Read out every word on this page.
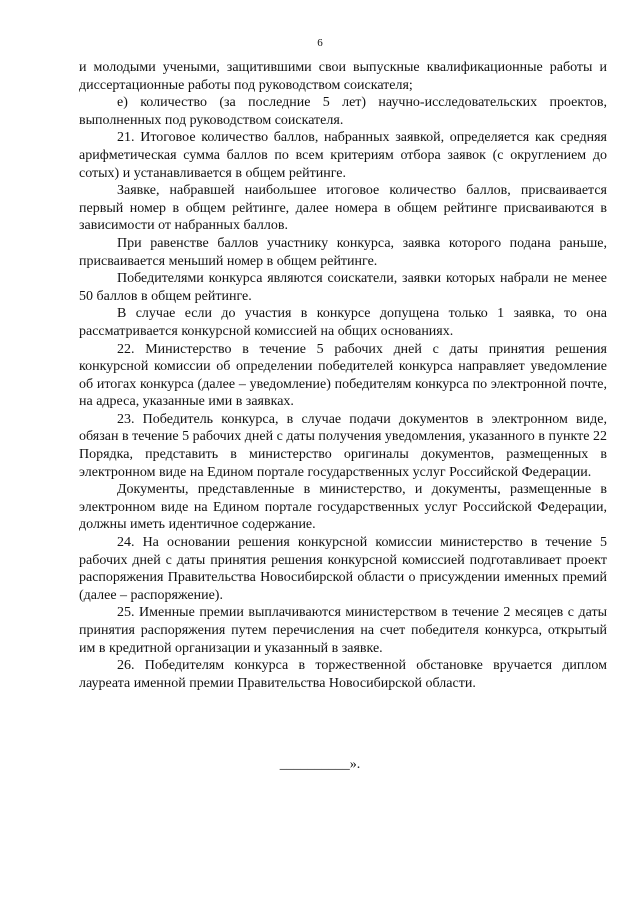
6

и молодыми учеными, защитившими свои выпускные квалификационные работы и диссертационные работы под руководством соискателя;

е) количество (за последние 5 лет) научно-исследовательских проектов, выполненных под руководством соискателя.

21. Итоговое количество баллов, набранных заявкой, определяется как средняя арифметическая сумма баллов по всем критериям отбора заявок (с округлением до сотых) и устанавливается в общем рейтинге.

Заявке, набравшей наибольшее итоговое количество баллов, присваивается первый номер в общем рейтинге, далее номера в общем рейтинге присваиваются в зависимости от набранных баллов.

При равенстве баллов участнику конкурса, заявка которого подана раньше, присваивается меньший номер в общем рейтинге.

Победителями конкурса являются соискатели, заявки которых набрали не менее 50 баллов в общем рейтинге.

В случае если до участия в конкурсе допущена только 1 заявка, то она рассматривается конкурсной комиссией на общих основаниях.

22. Министерство в течение 5 рабочих дней с даты принятия решения конкурсной комиссии об определении победителей конкурса направляет уведомление об итогах конкурса (далее – уведомление) победителям конкурса по электронной почте, на адреса, указанные ими в заявках.

23. Победитель конкурса, в случае подачи документов в электронном виде, обязан в течение 5 рабочих дней с даты получения уведомления, указанного в пункте 22 Порядка, представить в министерство оригиналы документов, размещенных в электронном виде на Едином портале государственных услуг Российской Федерации.

Документы, представленные в министерство, и документы, размещенные в электронном виде на Едином портале государственных услуг Российской Федерации, должны иметь идентичное содержание.

24. На основании решения конкурсной комиссии министерство в течение 5 рабочих дней с даты принятия решения конкурсной комиссией подготавливает проект распоряжения Правительства Новосибирской области о присуждении именных премий (далее – распоряжение).

25. Именные премии выплачиваются министерством в течение 2 месяцев с даты принятия распоряжения путем перечисления на счет победителя конкурса, открытый им в кредитной организации и указанный в заявке.

26. Победителям конкурса в торжественной обстановке вручается диплом лауреата именной премии Правительства Новосибирской области.

__________».
